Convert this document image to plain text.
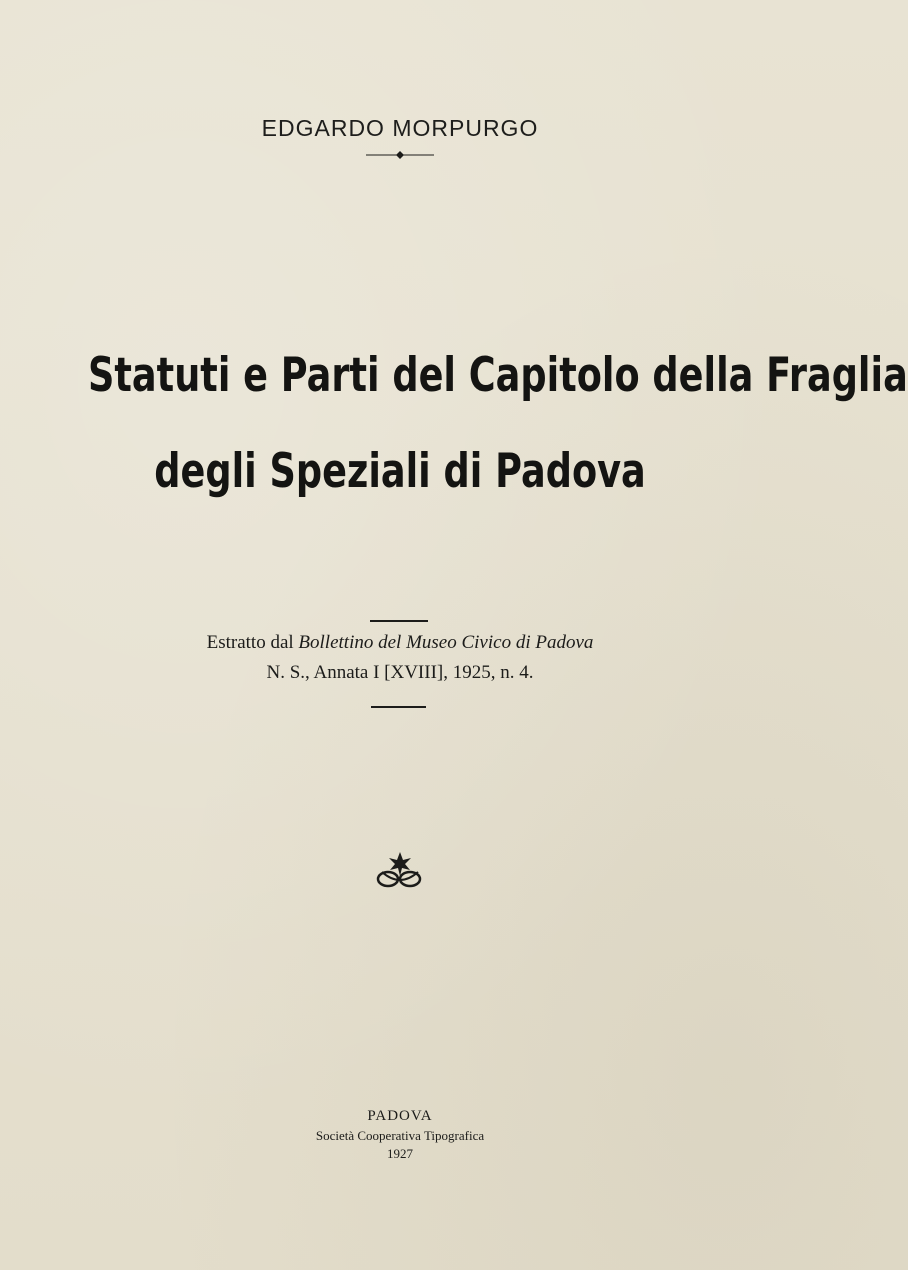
EDGARDO MORPURGO
Statuti e Parti del Capitolo della Fraglia
degli Speziali di Padova
Estratto dal Bollettino del Museo Civico di Padova
N. S., Annata I [XVIII], 1925, n. 4.
PADOVA
Società Cooperativa Tipografica
1927
